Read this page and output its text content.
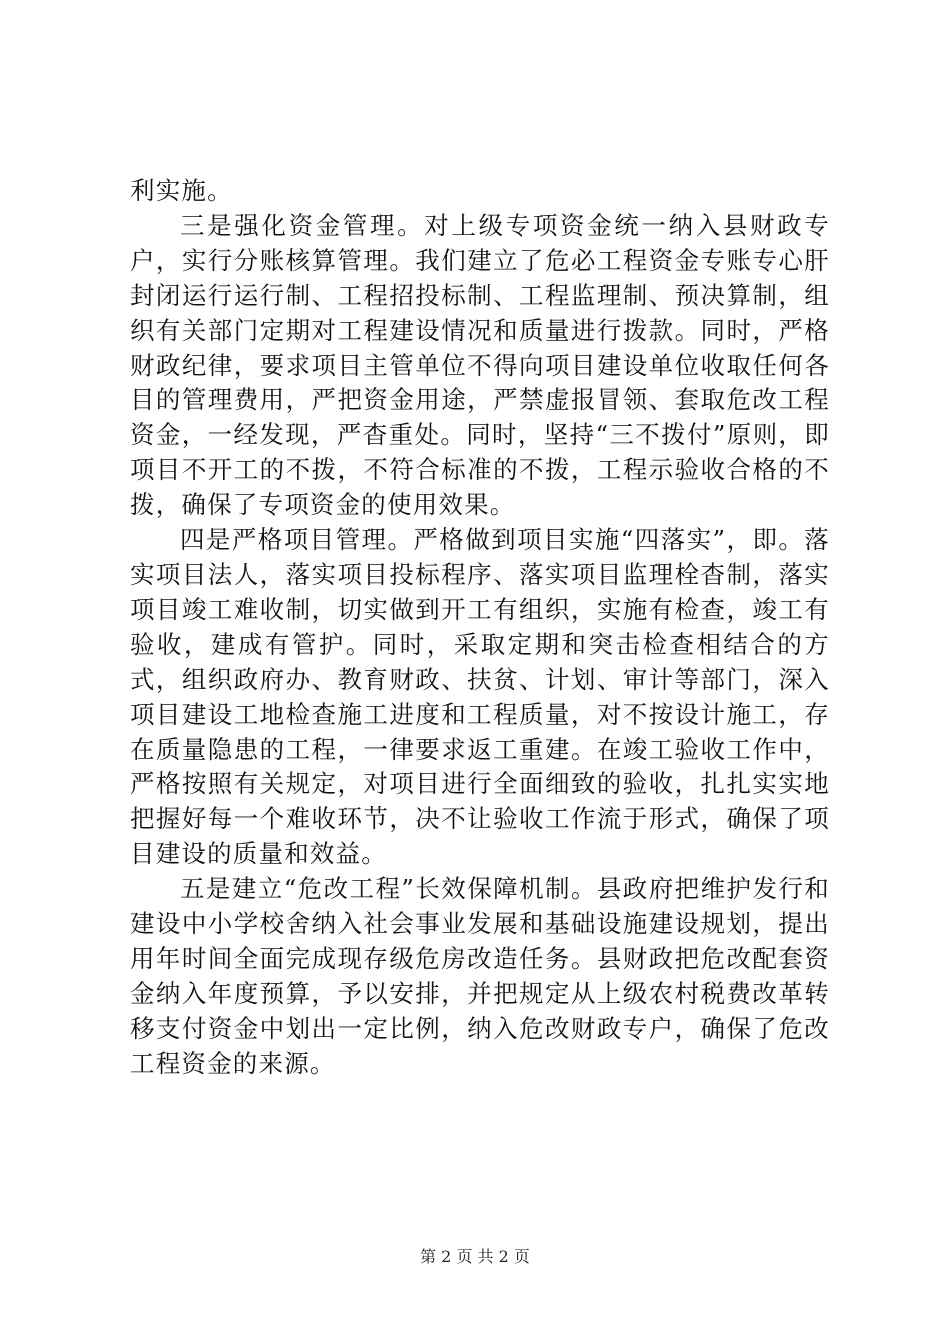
利实施。

三是强化资金管理。对上级专项资金统一纳入县财政专户，实行分账核算管理。我们建立了危必工程资金专账专心肝封闭运行运行制、工程招投标制、工程监理制、预决算制，组织有关部门定期对工程建设情况和质量进行拨款。同时，严格财政纪律，要求项目主管单位不得向项目建设单位收取任何各目的管理费用，严把资金用途，严禁虚报冒领、套取危改工程资金，一经发现，严杳重处。同时，坚持“三不拨付”原则，即项目不开工的不拨，不符合标准的不拨，工程示验收合格的不拨，确保了专项资金的使用效果。

四是严格项目管理。严格做到项目实施“四落实”，即。落实项目法人，落实项目投标程序、落实项目监理栓杳制，落实项目竣工难收制，切实做到开工有组织，实施有检查，竣工有验收，建成有管护。同时，采取定期和突击检查相结合的方式，组织政府办、教育财政、扶贫、计划、审计等部门，深入项目建设工地检查施工进度和工程质量，对不按设计施工，存在质量隐患的工程，一律要求返工重建。在竣工验收工作中，严格按照有关规定，对项目进行全面细致的验收，扎扎实实地把握好每一个难收环节，决不让验收工作流于形式，确保了项目建设的质量和效益。

五是建立“危改工程”长效保障机制。县政府把维护发行和建设中小学校舍纳入社会事业发展和基础设施建设规划，提出用年时间全面完成现存级危房改造任务。县财政把危改配套资金纳入年度预算，予以安排，并把规定从上级农村税费改革转移支付资金中划出一定比例，纳入危改财政专户，确保了危改工程资金的来源。

第 2 页 共 2 页
